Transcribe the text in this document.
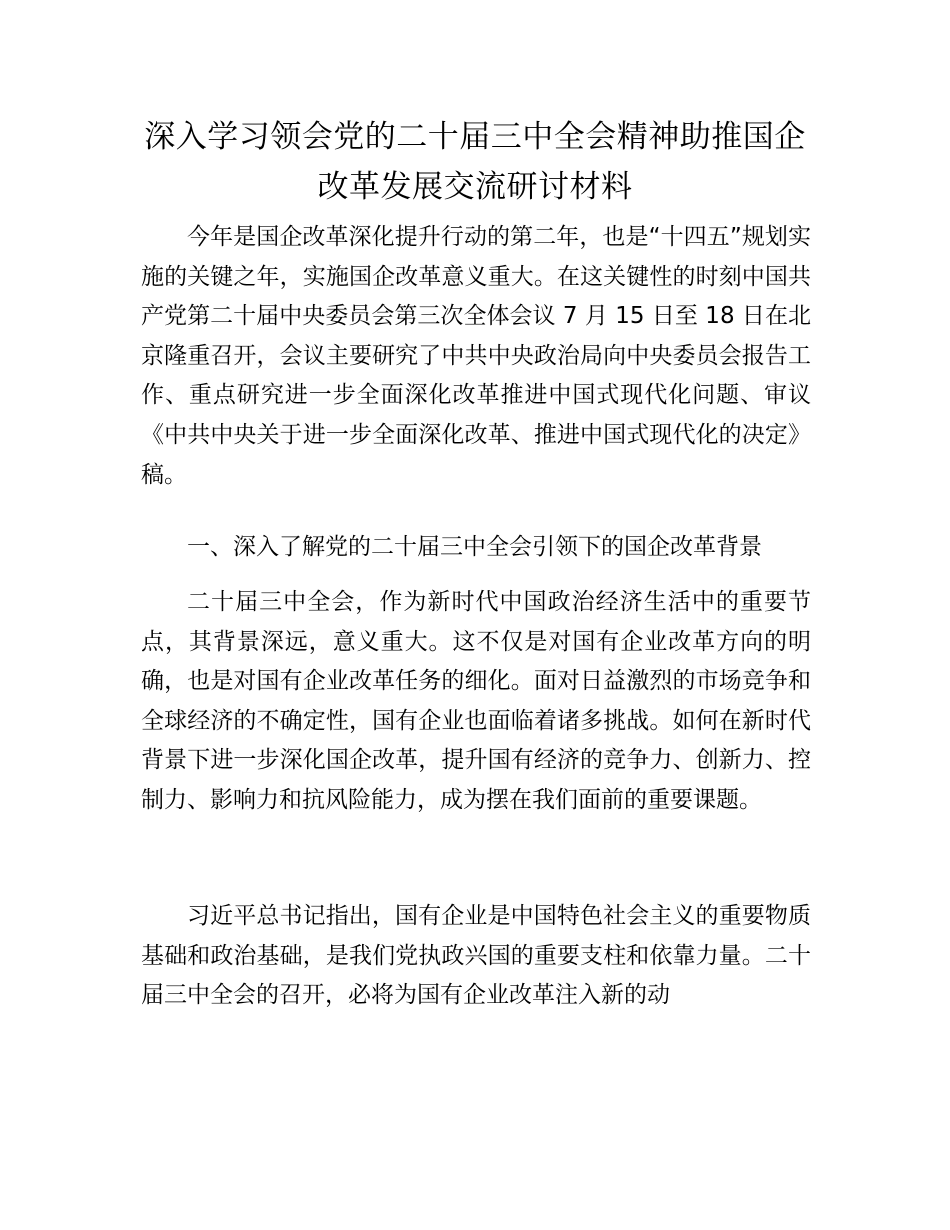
深入学习领会党的二十届三中全会精神助推国企改革发展交流研讨材料

今年是国企改革深化提升行动的第二年，也是“十四五”规划实施的关键之年，实施国企改革意义重大。在这关键性的时刻中国共产党第二十届中央委员会第三次全体会议 7 月 15 日至 18 日在北京隆重召开，会议主要研究了中共中央政治局向中央委员会报告工作、重点研究进一步全面深化改革推进中国式现代化问题、审议《中共中央关于进一步全面深化改革、推进中国式现代化的决定》稿。

一、深入了解党的二十届三中全会引领下的国企改革背景

二十届三中全会，作为新时代中国政治经济生活中的重要节点，其背景深远，意义重大。这不仅是对国有企业改革方向的明确，也是对国有企业改革任务的细化。面对日益激烈的市场竞争和全球经济的不确定性，国有企业也面临着诸多挑战。如何在新时代背景下进一步深化国企改革，提升国有经济的竞争力、创新力、控制力、影响力和抗风险能力，成为摆在我们面前的重要课题。

习近平总书记指出，国有企业是中国特色社会主义的重要物质基础和政治基础，是我们党执政兴国的重要支柱和依靠力量。二十届三中全会的召开，必将为国有企业改革注入新的动
